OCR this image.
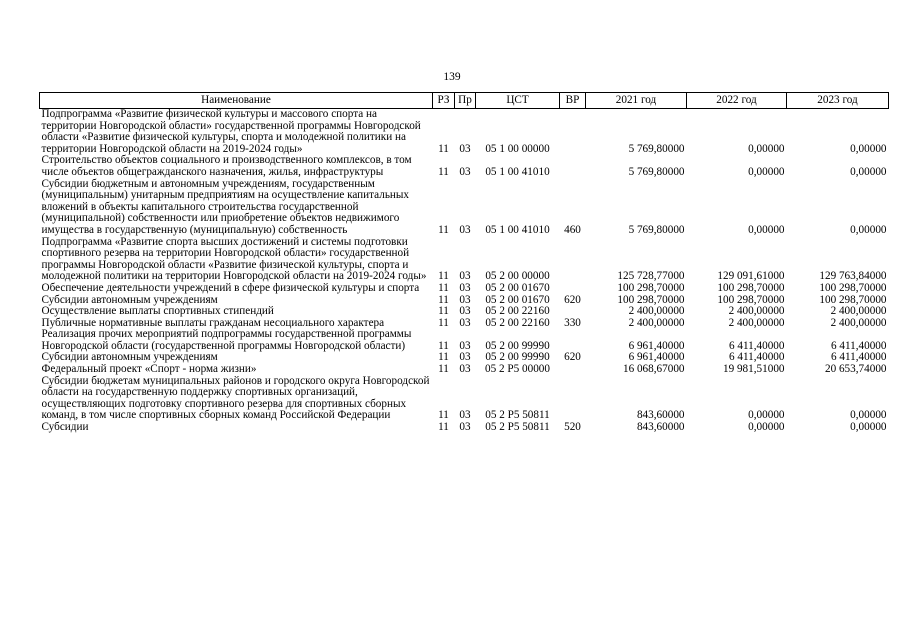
139
Наименование	РЗ	Пр	ЦСТ	ВР	2021 год	2022 год	2023 год
Подпрограмма «Развитие физической культуры и массового спорта на территории Новгородской области» государственной программы Новгородской области «Развитие физической культуры, спорта и молодежной политики на территории Новгородской области на 2019-2024 годы»	11	03	05 1 00 00000		5 769,80000	0,00000	0,00000
Строительство объектов социального и производственного комплексов, в том числе объектов общегражданского назначения, жилья, инфраструктуры	11	03	05 1 00 41010		5 769,80000	0,00000	0,00000
Субсидии бюджетным и автономным учреждениям, государственным (муниципальным) унитарным предприятиям на осуществление капитальных вложений в объекты капитального строительства государственной (муниципальной) собственности или приобретение объектов недвижимого имущества в государственную (муниципальную) собственность	11	03	05 1 00 41010	460	5 769,80000	0,00000	0,00000
Подпрограмма «Развитие спорта высших достижений и системы подготовки спортивного резерва на территории Новгородской области» государственной программы Новгородской области «Развитие физической культуры, спорта и молодежной политики на территории Новгородской области на 2019-2024 годы»	11	03	05 2 00 00000		125 728,77000	129 091,61000	129 763,84000
Обеспечение деятельности учреждений в сфере физической культуры и спорта	11	03	05 2 00 01670		100 298,70000	100 298,70000	100 298,70000
Субсидии автономным учреждениям	11	03	05 2 00 01670	620	100 298,70000	100 298,70000	100 298,70000
Осуществление выплаты спортивных стипендий	11	03	05 2 00 22160		2 400,00000	2 400,00000	2 400,00000
Публичные нормативные выплаты гражданам несоциального характера	11	03	05 2 00 22160	330	2 400,00000	2 400,00000	2 400,00000
Реализация прочих мероприятий подпрограммы государственной программы Новгородской области (государственной программы Новгородской области)	11	03	05 2 00 99990		6 961,40000	6 411,40000	6 411,40000
Субсидии автономным учреждениям	11	03	05 2 00 99990	620	6 961,40000	6 411,40000	6 411,40000
Федеральный проект «Спорт - норма жизни»	11	03	05 2 P5 00000		16 068,67000	19 981,51000	20 653,74000
Субсидии бюджетам муниципальных районов и городского округа Новгородской области на государственную поддержку спортивных организаций, осуществляющих подготовку спортивного резерва для спортивных сборных команд, в том числе спортивных сборных команд Российской Федерации	11	03	05 2 P5 50811		843,60000	0,00000	0,00000
Субсидии	11	03	05 2 P5 50811	520	843,60000	0,00000	0,00000
